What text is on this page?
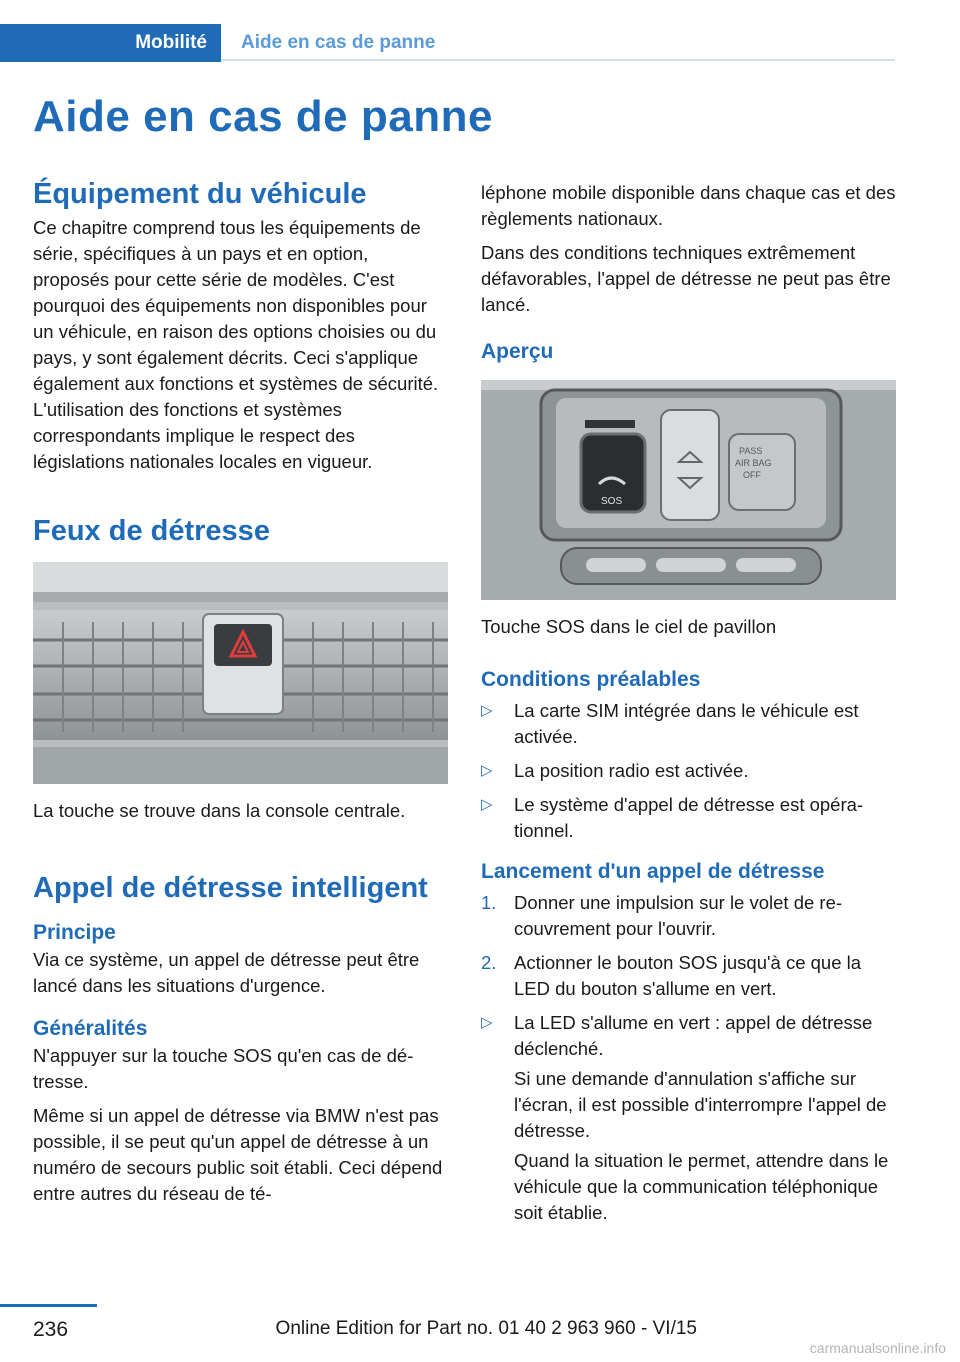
Mobilité	Aide en cas de panne
Aide en cas de panne
Équipement du véhicule

Ce chapitre comprend tous les équipements de série, spécifiques à un pays et en option, proposés pour cette série de modèles. C'est pourquoi des équipements non disponibles pour un véhicule, en raison des options choisies ou du pays, y sont également décrits. Ceci s'applique également aux fonctions et systèmes de sécurité. L'utilisation des fonctions et systèmes correspondants implique le respect des législations nationales locales en vigueur.

Feux de détresse

La touche se trouve dans la console centrale.

Appel de détresse intelligent
Principe

Via ce système, un appel de détresse peut être lancé dans les situations d'urgence.

Généralités

N'appuyer sur la touche SOS qu'en cas de détresse.

Même si un appel de détresse via BMW n'est pas possible, il se peut qu'un appel de détresse à un numéro de secours public soit établi. Ceci dépend entre autres du réseau de té-

léphone mobile disponible dans chaque cas et des règlements nationaux.

Dans des conditions techniques extrêmement défavorables, l'appel de détresse ne peut pas être lancé.

Aperçu
SOS
PASS
AIR BAG
OFF

Touche SOS dans le ciel de pavillon

Conditions préalables
▷ La carte SIM intégrée dans le véhicule est activée.
▷ La position radio est activée.
▷ Le système d'appel de détresse est opérationnel.
Lancement d'un appel de détresse
1. Donner une impulsion sur le volet de recouvrement pour l'ouvrir.
2. Actionner le bouton SOS jusqu'à ce que la LED du bouton s'allume en vert.
▷ La LED s'allume en vert : appel de détresse déclenché.

Si une demande d'annulation s'affiche sur l'écran, il est possible d'interrompre l'appel de détresse.

Quand la situation le permet, attendre dans le véhicule que la communication téléphonique soit établie.

236	Online Edition for Part no. 01 40 2 963 960 - VI/15
carmanualsonline.info
